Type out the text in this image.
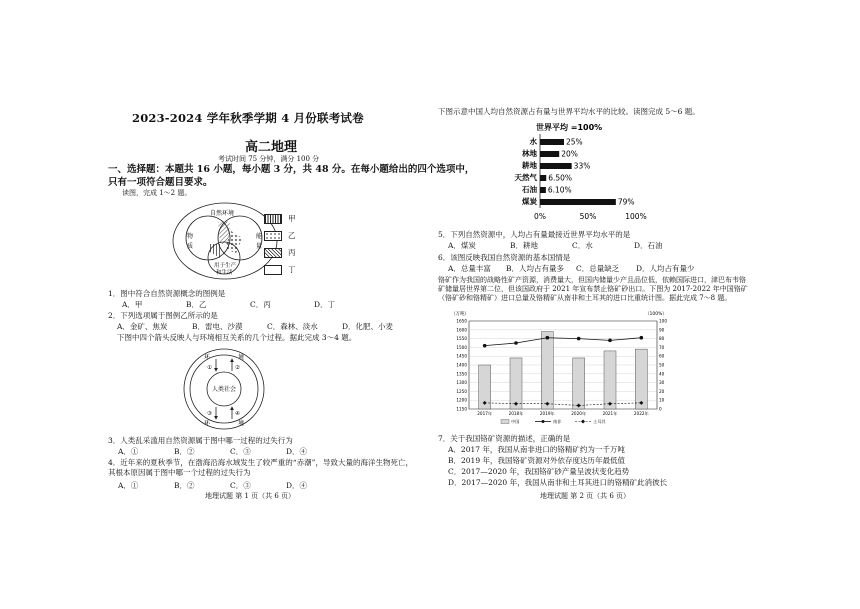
2023-2024 学年秋季学期 4 月份联考试卷
高二地理
考试时间 75 分钟，满分 100 分
一、选择题：本题共 16 小题，每小题 3 分，共 48 分。在每小题给出的四个选项中，
只有一项符合题目要求。
读图，完成 1～2 题。
自然环境
物
质
能
量
用于生产
和生活
甲
乙
丙
丁
1．图中符合自然资源概念的图例是
A．甲	B．乙	C．丙	D．丁
2．下列选项属于图例乙所示的是
A．金矿、焦炭	B．雷电、沙漠	C．森林、淡水	D．化肥、小麦
下图中四个箭头反映人与环境相互关系的几个过程。据此完成 3～4 题。
环	境
人类社会
环	境
①	②
③	④
3．人类乱采滥用自然资源属于图中哪一过程的过失行为
A．①	B．②	C．③	D．④
4．近年来的夏秋季节，在渤海沿海水域发生了较严重的“赤潮”，导致大量的海洋生物死亡，
其根本原因属于图中哪一个过程的过失行为
A．①	B．②	C．③	D．④
地理试题 第 1 页（共 6 页）
下图示意中国人均自然资源占有量与世界平均水平的比较。读图完成 5～6 题。
世界平均 =100%
水	25%
林地	20%
耕地	33%
天然气 6.50%
石油 6.10%
煤炭	79%
0%	50%	100%
5．下列自然资源中，人均占有量最接近世界平均水平的是
A．煤炭	B．耕地	C．水	D．石油
6．该图反映我国自然资源的基本国情是
A．总量丰富	B．人均占有量多	C．总量缺乏	D．人均占有量少
铬矿作为我国的战略性矿产资源，消费量大，但国内储量少产且品位低，依赖国际进口，津巴布韦铬
矿储量居世界第二位，但该国政府于 2021 年宣布禁止铬矿砂出口。下图为 2017-2022 年中国铬矿
（铬矿砂和铬精矿）进口总量及铬精矿从南非和土耳其的进口比重统计图。据此完成 7～8 题。
（万吨）	（100%）
1150
1200
1250
1300
1350
1400
1450
1500
1550
1600
1650
0
10
20
30
40
50
60
70
80
90
100
2017年	2018年	2019年	2020年	2021年	2022年
中国	南非	土耳其
7．关于我国铬矿资源的描述，正确的是
A．2017 年，我国从南非进口的铬精矿约为一千万吨
B．2019 年，我国铬矿资源对外依存度达历年最低值
C．2017—2020 年，我国铬矿砂产量呈波状变化趋势
D．2017—2020 年，我国从南非和土耳其进口的铬精矿此消彼长
地理试题 第 2 页（共 6 页）
